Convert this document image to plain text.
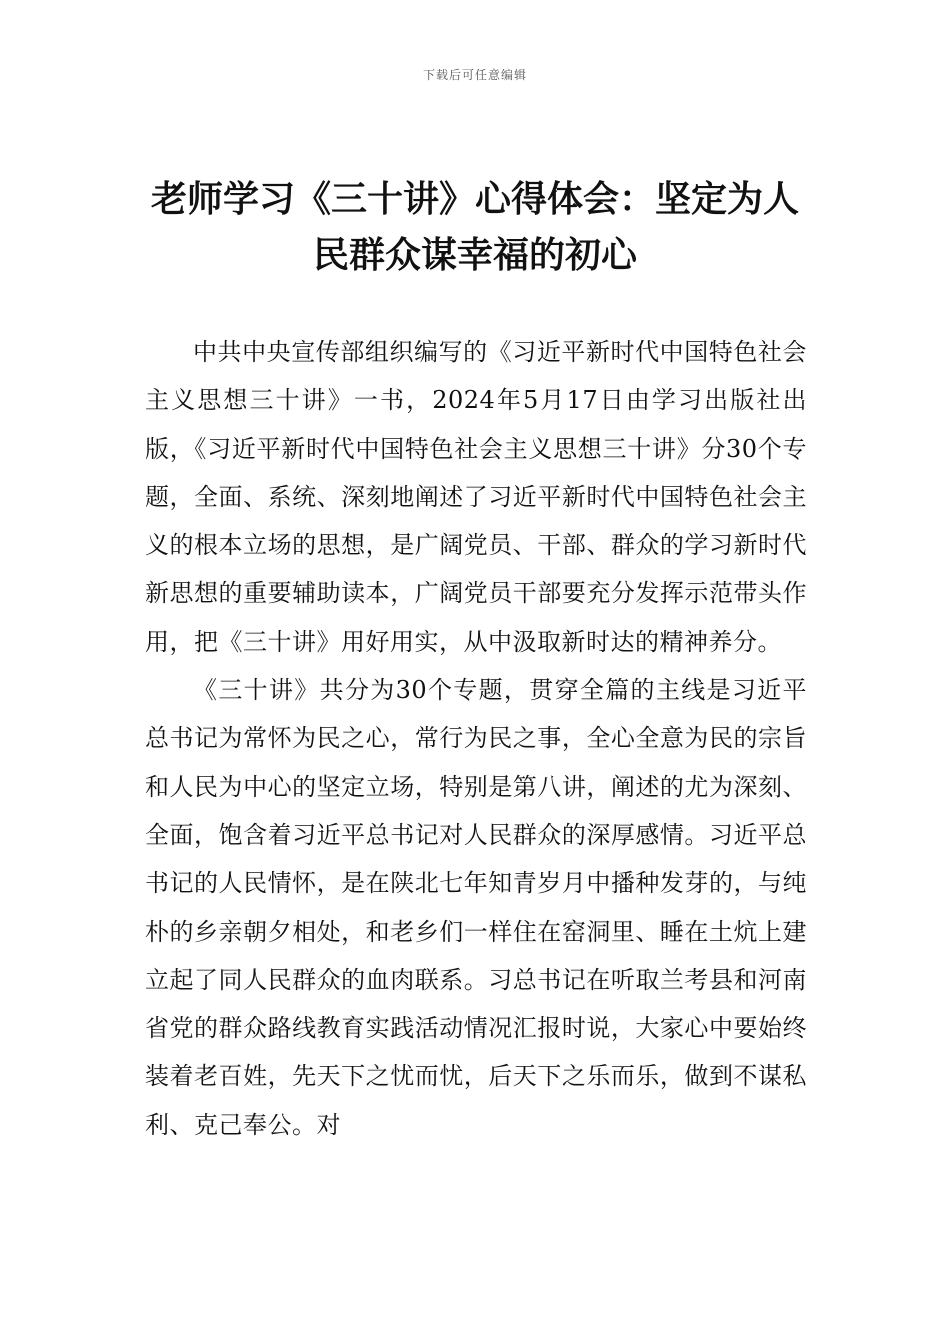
下载后可任意编辑
老师学习《三十讲》心得体会：坚定为人民群众谋幸福的初心

中共中央宣传部组织编写的《习近平新时代中国特色社会主义思想三十讲》一书，2024年5月17日由学习出版社出版，《习近平新时代中国特色社会主义思想三十讲》分30个专题，全面、系统、深刻地阐述了习近平新时代中国特色社会主义的根本立场的思想，是广阔党员、干部、群众的学习新时代新思想的重要辅助读本，广阔党员干部要充分发挥示范带头作用，把《三十讲》用好用实，从中汲取新时达的精神养分。

《三十讲》共分为30个专题，贯穿全篇的主线是习近平总书记为常怀为民之心，常行为民之事，全心全意为民的宗旨和人民为中心的坚定立场，特别是第八讲，阐述的尤为深刻、全面，饱含着习近平总书记对人民群众的深厚感情。习近平总书记的人民情怀，是在陕北七年知青岁月中播种发芽的，与纯朴的乡亲朝夕相处，和老乡们一样住在窑洞里、睡在土炕上建立起了同人民群众的血肉联系。习总书记在听取兰考县和河南省党的群众路线教育实践活动情况汇报时说，大家心中要始终装着老百姓，先天下之忧而忧，后天下之乐而乐，做到不谋私利、克己奉公。对
